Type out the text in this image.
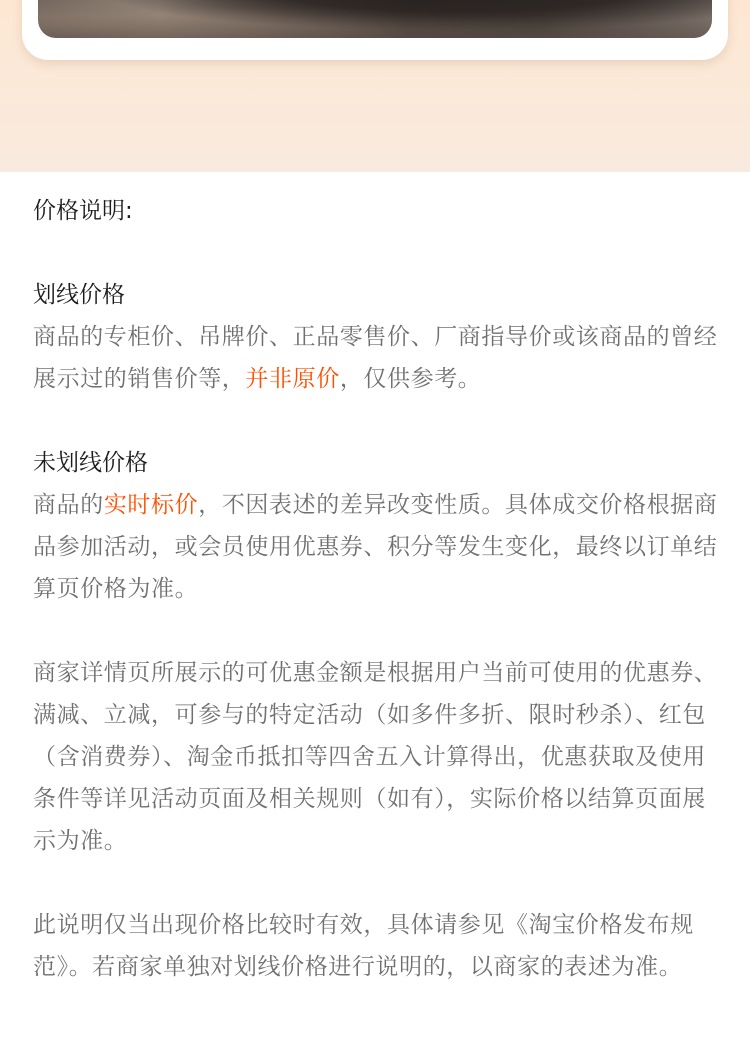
价格说明:

划线价格

商品的专柜价、吊牌价、正品零售价、厂商指导价或该商品的曾经展示过的销售价等，并非原价，仅供参考。

未划线价格

商品的实时标价，不因表述的差异改变性质。具体成交价格根据商品参加活动，或会员使用优惠券、积分等发生变化，最终以订单结算页价格为准。

商家详情页所展示的可优惠金额是根据用户当前可使用的优惠券、满减、立减，可参与的特定活动（如多件多折、限时秒杀）、红包（含消费券）、淘金币抵扣等四舍五入计算得出，优惠获取及使用条件等详见活动页面及相关规则（如有），实际价格以结算页面展示为准。

此说明仅当出现价格比较时有效，具体请参见《淘宝价格发布规范》。若商家单独对划线价格进行说明的，以商家的表述为准。
